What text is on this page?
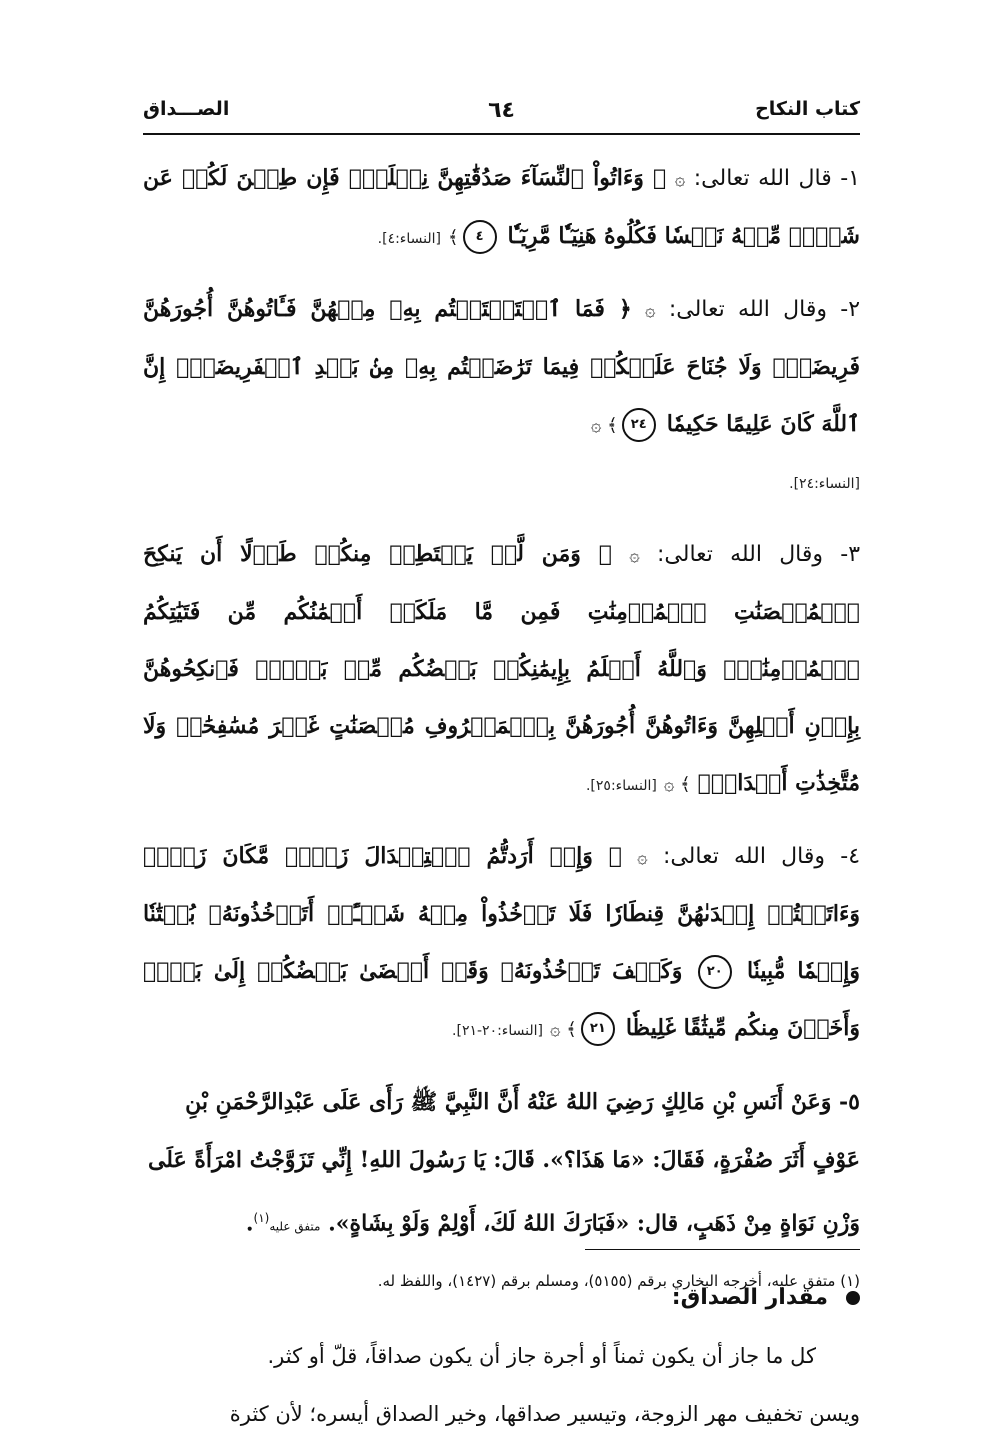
كتاب النكاح
٦٤
الصـــداق
١- قال الله تعالى: ۞ ﴿ وَءَاتُواْ ٱلنِّسَآءَ صَدُقَٰتِهِنَّ نِحۡلَةٗۚ فَإِن طِبۡنَ لَكُمۡ عَن شَيۡءٖ مِّنۡهُ نَفۡسٗا فَكُلُوهُ هَنِيٓـٔٗا مَّرِيٓـٔٗا ٤﴾ [النساء:٤].
٢- وقال الله تعالى: ۞ ﴿ فَمَا ٱسۡتَمۡتَعۡتُم بِهِۦ مِنۡهُنَّ فَـَٔاتُوهُنَّ أُجُورَهُنَّ فَرِيضَةٗۚ وَلَا جُنَاحَ عَلَيۡكُمۡ فِيمَا تَرَٰضَيۡتُم بِهِۦ مِنۢ بَعۡدِ ٱلۡفَرِيضَةِۚ إِنَّ ٱللَّهَ كَانَ عَلِيمًا حَكِيمٗا ٢٤﴾ ۞
[النساء:٢٤].
٣- وقال الله تعالى: ۞ ﴿ وَمَن لَّمۡ يَسۡتَطِعۡ مِنكُمۡ طَوۡلًا أَن يَنكِحَ ٱلۡمُحۡصَنَٰتِ ٱلۡمُؤۡمِنَٰتِ فَمِن مَّا مَلَكَتۡ أَيۡمَٰنُكُم مِّن فَتَيَٰتِكُمُ ٱلۡمُؤۡمِنَٰتِۚ وَٱللَّهُ أَعۡلَمُ بِإِيمَٰنِكُمۚ بَعۡضُكُم مِّنۢ بَعۡضٖۚ فَٱنكِحُوهُنَّ بِإِذۡنِ أَهۡلِهِنَّ وَءَاتُوهُنَّ أُجُورَهُنَّ بِٱلۡمَعۡرُوفِ مُحۡصَنَٰتٍ غَيۡرَ مُسَٰفِحَٰتٖ وَلَا مُتَّخِذَٰتِ أَخۡدَانٖۚ ﴾ ۞ [النساء:٢٥].
٤- وقال الله تعالى: ۞ ﴿ وَإِنۡ أَرَدتُّمُ ٱسۡتِبۡدَالَ زَوۡجٖ مَّكَانَ زَوۡجٖ وَءَاتَيۡتُمۡ إِحۡدَىٰهُنَّ قِنطَارٗا فَلَا تَأۡخُذُواْ مِنۡهُ شَيۡـًٔاۚ أَتَأۡخُذُونَهُۥ بُهۡتَٰنٗا وَإِثۡمٗا مُّبِينٗا ٢٠ وَكَيۡفَ تَأۡخُذُونَهُۥ وَقَدۡ أَفۡضَىٰ بَعۡضُكُمۡ إِلَىٰ بَعۡضٖ وَأَخَذۡنَ مِنكُم مِّيثَٰقًا غَلِيظٗا ٢١﴾ ۞ [النساء:٢٠-٢١].
٥- وَعَنْ أَنَسِ بْنِ مَالِكٍ رَضِيَ اللهُ عَنْهُ أَنَّ النَّبِيَّ ﷺ رَأَى عَلَى عَبْدِالرَّحْمَنِ بْنِ عَوْفٍ أَثَرَ صُفْرَةٍ، فَقَالَ: «مَا هَذَا؟». قَالَ: يَا رَسُولَ اللهِ! إِنِّي تَزَوَّجْتُ امْرَأَةً عَلَى وَزْنِ نَوَاةٍ مِنْ ذَهَبٍ، قال: «فَبَارَكَ اللهُ لَكَ، أَوْلِمْ وَلَوْ بِشَاةٍ». متفق عليه$^{(١)}$.
مقدار الصداق:
كل ما جاز أن يكون ثمناً أو أجرة جاز أن يكون صداقاً، قلّ أو كثر.
ويسن تخفيف مهر الزوجة، وتيسير صداقها، وخير الصداق أيسره؛ لأن كثرة
(١) متفق عليه، أخرجه البخاري برقم (٥١٥٥)، ومسلم برقم (١٤٢٧)، واللفظ له.
